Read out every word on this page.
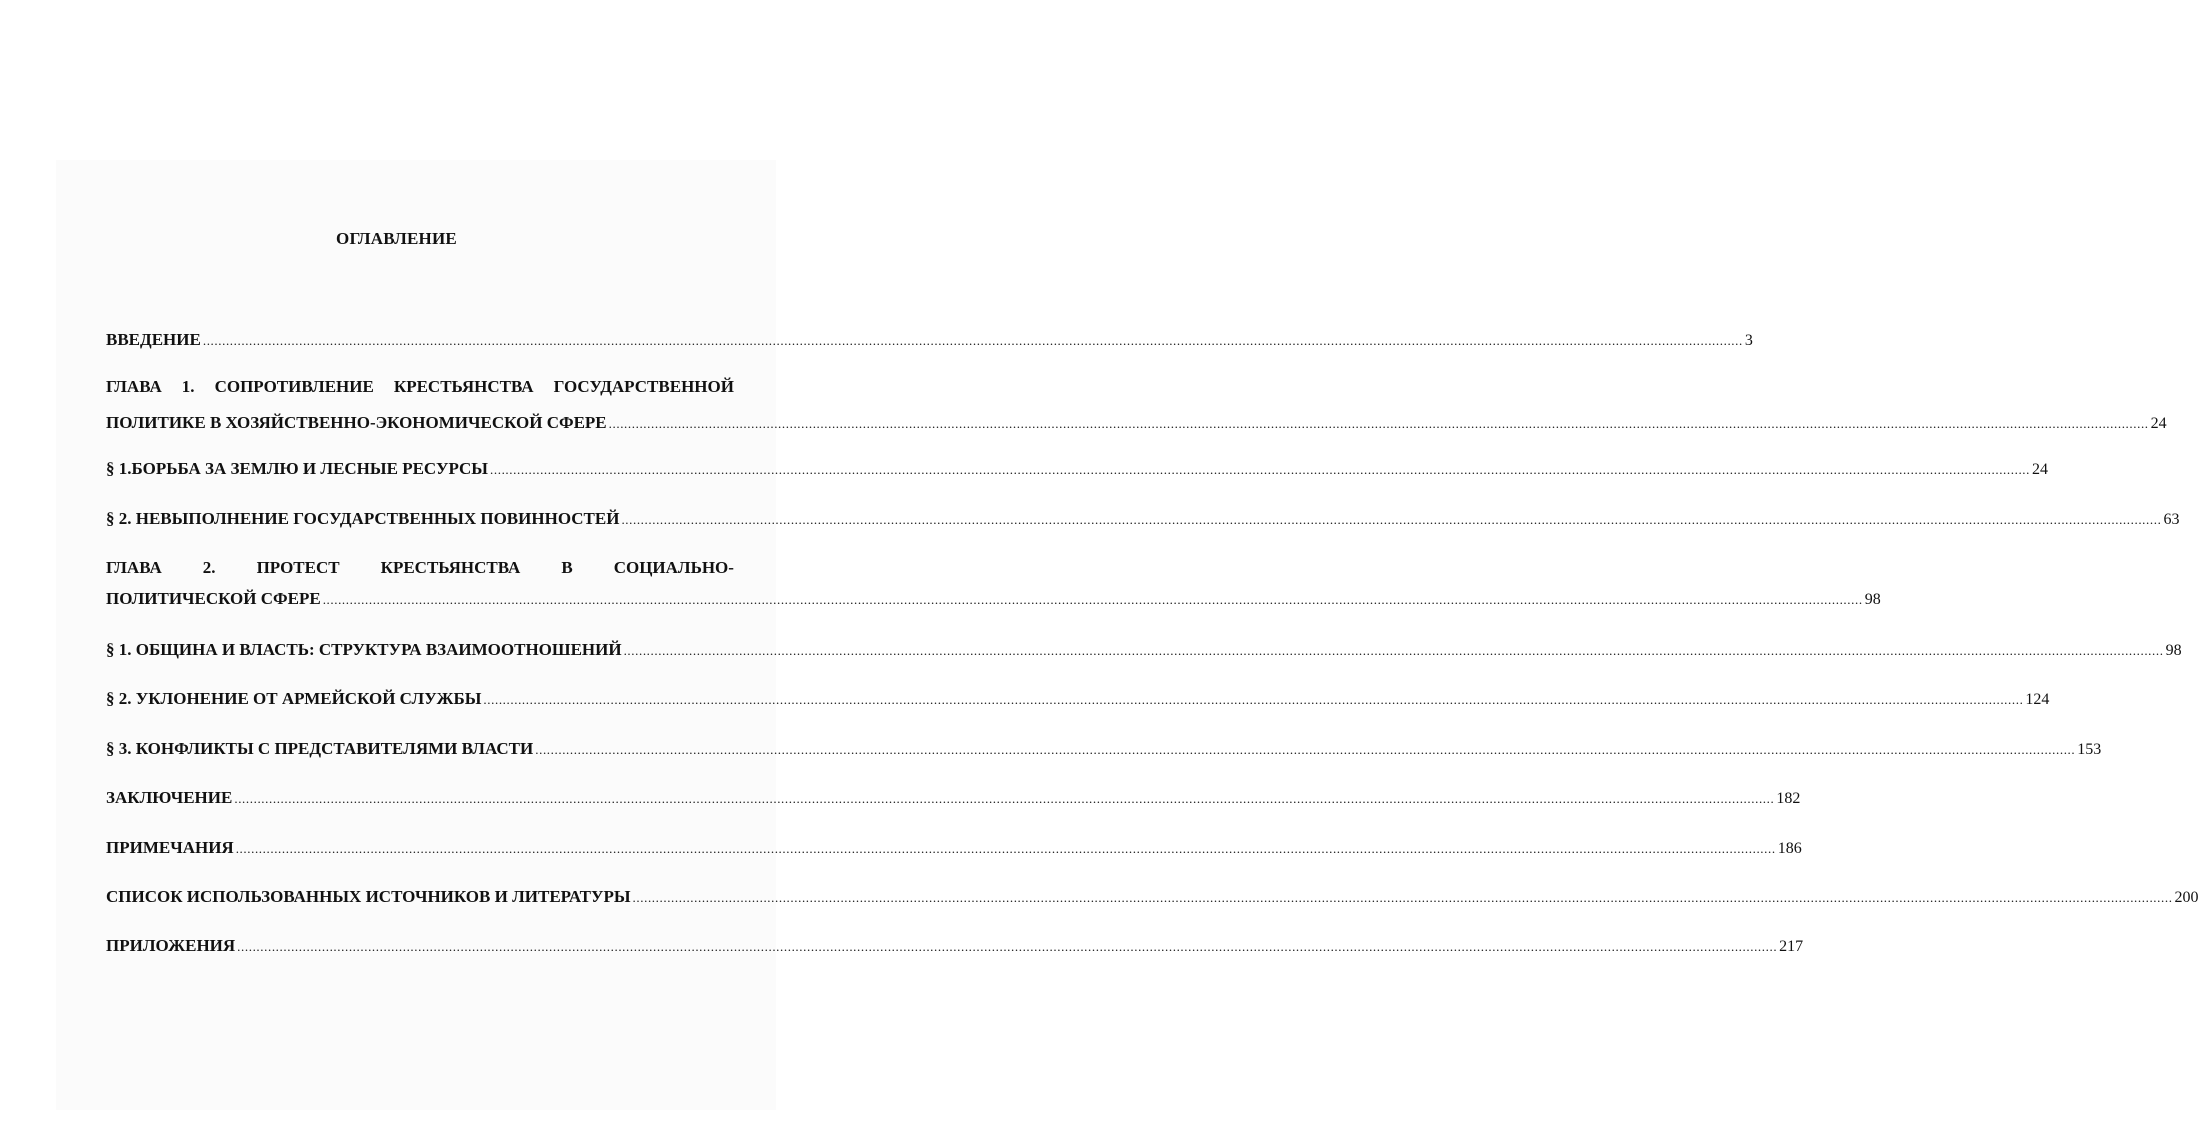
ОГЛАВЛЕНИЕ
ВВЕДЕНИЕ ................................................................................................................................................................................................................................................................................................................................................................................................................ 3
ГЛАВА 1. СОПРОТИВЛЕНИЕ КРЕСТЬЯНСТВА ГОСУДАРСТВЕННОЙ
ПОЛИТИКЕ В ХОЗЯЙСТВЕННО-ЭКОНОМИЧЕСКОЙ СФЕРЕ ................................................................................................................................................................................................................................................................................................................................................................................................................ 24
§ 1.БОРЬБА ЗА ЗЕМЛЮ И ЛЕСНЫЕ РЕСУРСЫ ................................................................................................................................................................................................................................................................................................................................................................................................................ 24
§ 2. НЕВЫПОЛНЕНИЕ ГОСУДАРСТВЕННЫХ ПОВИННОСТЕЙ ................................................................................................................................................................................................................................................................................................................................................................................................................ 63
ГЛАВА 2. ПРОТЕСТ КРЕСТЬЯНСТВА В СОЦИАЛЬНО-
ПОЛИТИЧЕСКОЙ СФЕРЕ ................................................................................................................................................................................................................................................................................................................................................................................................................ 98
§ 1. ОБЩИНА И ВЛАСТЬ: СТРУКТУРА ВЗАИМООТНОШЕНИЙ ................................................................................................................................................................................................................................................................................................................................................................................................................ 98
§ 2. УКЛОНЕНИЕ ОТ АРМЕЙСКОЙ СЛУЖБЫ ................................................................................................................................................................................................................................................................................................................................................................................................................ 124
§ 3. КОНФЛИКТЫ С ПРЕДСТАВИТЕЛЯМИ ВЛАСТИ ................................................................................................................................................................................................................................................................................................................................................................................................................ 153
ЗАКЛЮЧЕНИЕ ................................................................................................................................................................................................................................................................................................................................................................................................................ 182
ПРИМЕЧАНИЯ ................................................................................................................................................................................................................................................................................................................................................................................................................ 186
СПИСОК ИСПОЛЬЗОВАННЫХ ИСТОЧНИКОВ И ЛИТЕРАТУРЫ ................................................................................................................................................................................................................................................................................................................................................................................................................ 200
ПРИЛОЖЕНИЯ ................................................................................................................................................................................................................................................................................................................................................................................................................ 217
